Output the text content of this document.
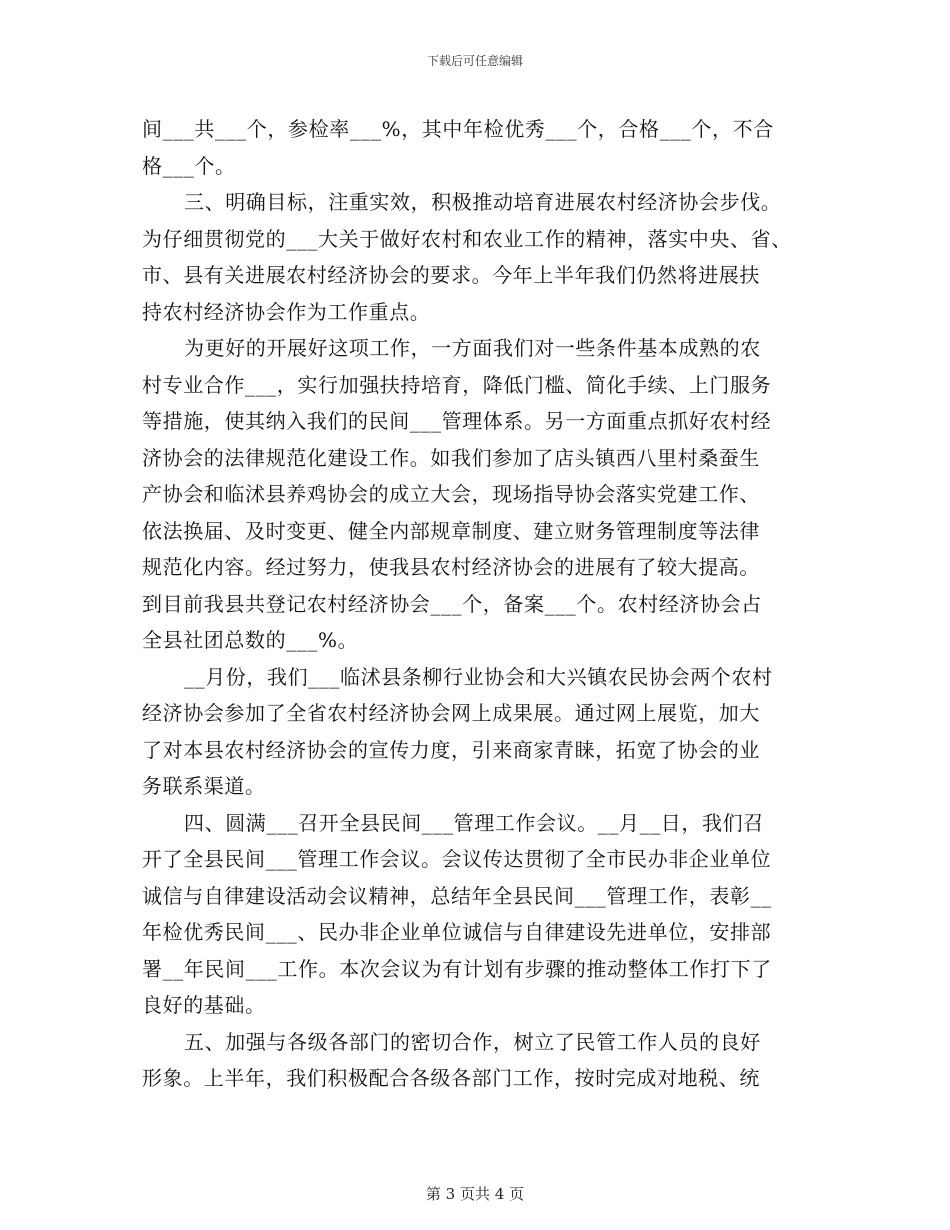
下载后可任意编辑
间___共___个，参检率___%，其中年检优秀___个，合格___个，不合
格___个。
三、明确目标，注重实效，积极推动培育进展农村经济协会步伐。
为仔细贯彻党的___大关于做好农村和农业工作的精神，落实中央、省、
市、县有关进展农村经济协会的要求。今年上半年我们仍然将进展扶
持农村经济协会作为工作重点。
为更好的开展好这项工作，一方面我们对一些条件基本成熟的农
村专业合作___，实行加强扶持培育，降低门槛、简化手续、上门服务
等措施，使其纳入我们的民间___管理体系。另一方面重点抓好农村经
济协会的法律规范化建设工作。如我们参加了店头镇西八里村桑蚕生
产协会和临沭县养鸡协会的成立大会，现场指导协会落实党建工作、
依法换届、及时变更、健全内部规章制度、建立财务管理制度等法律
规范化内容。经过努力，使我县农村经济协会的进展有了较大提高。
到目前我县共登记农村经济协会___个，备案___个。农村经济协会占
全县社团总数的___%。
__月份，我们___临沭县条柳行业协会和大兴镇农民协会两个农村
经济协会参加了全省农村经济协会网上成果展。通过网上展览，加大
了对本县农村经济协会的宣传力度，引来商家青睐，拓宽了协会的业
务联系渠道。
四、圆满___召开全县民间___管理工作会议。__月__日，我们召
开了全县民间___管理工作会议。会议传达贯彻了全市民办非企业单位
诚信与自律建设活动会议精神，总结年全县民间___管理工作，表彰__
年检优秀民间___、民办非企业单位诚信与自律建设先进单位，安排部
署__年民间___工作。本次会议为有计划有步骤的推动整体工作打下了
良好的基础。
五、加强与各级各部门的密切合作，树立了民管工作人员的良好
形象。上半年，我们积极配合各级各部门工作，按时完成对地税、统
第 3 页共 4 页
